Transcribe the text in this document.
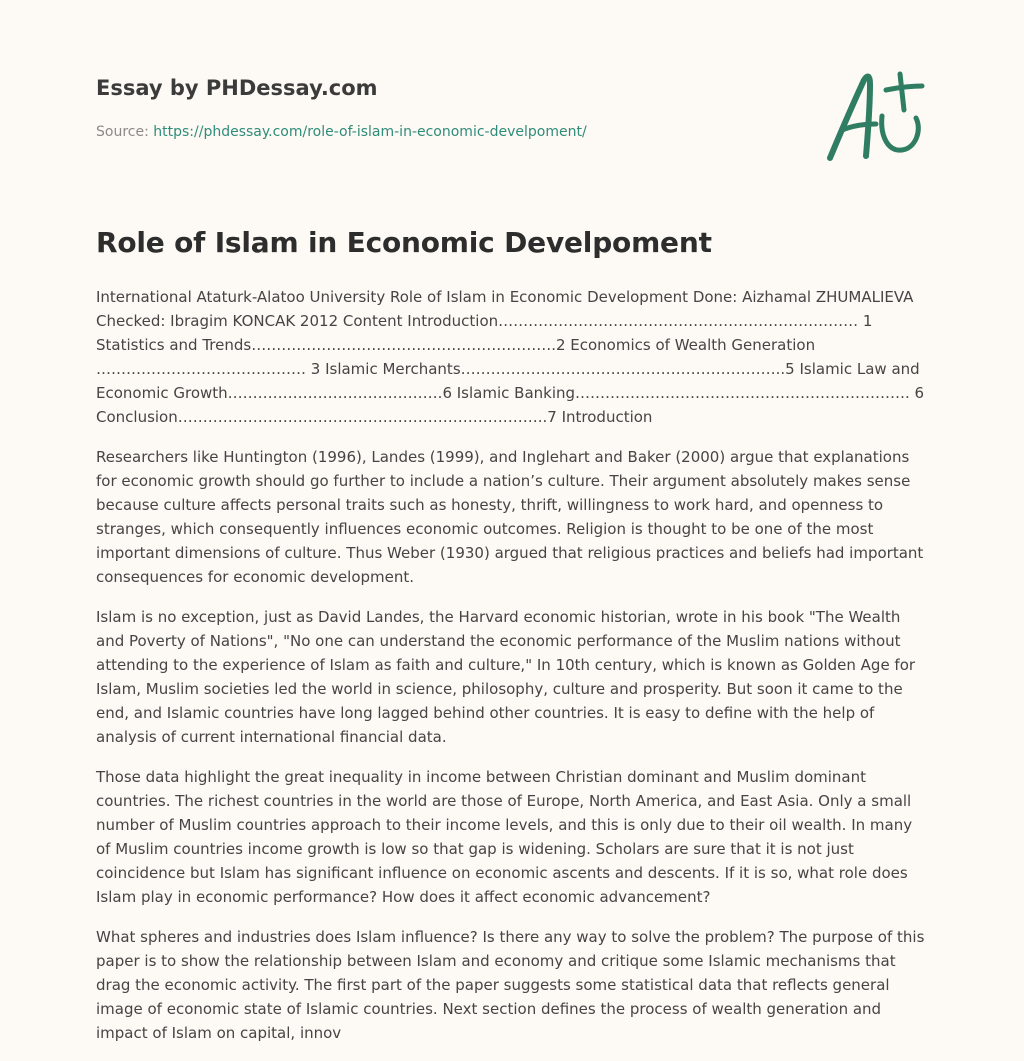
Essay by PHDessay.com

Source: https://phdessay.com/role-of-islam-in-economic-develpoment/

Role of Islam in Economic Develpoment

International Ataturk-Alatoo University Role of Islam in Economic Development Done: Aizhamal ZHUMALIEVA Checked: Ibragim KONCAK 2012 Content Introduction……………………………………………………………… 1 Statistics and Trends…………………………………………………….2 Economics of Wealth Generation …………………………………… 3 Islamic Merchants………………………………………………………..5 Islamic Law and Economic Growth…………………………………….6 Islamic Banking…………………………………………………………. 6 Conclusion………………………………………………………………..7 Introduction

Researchers like Huntington (1996), Landes (1999), and Inglehart and Baker (2000) argue that explanations for economic growth should go further to include a nation’s culture. Their argument absolutely makes sense because culture affects personal traits such as honesty, thrift, willingness to work hard, and openness to stranges, which consequently influences economic outcomes. Religion is thought to be one of the most important dimensions of culture. Thus Weber (1930) argued that religious practices and beliefs had important consequences for economic development.

Islam is no exception, just as David Landes, the Harvard economic historian, wrote in his book "The Wealth and Poverty of Nations", "No one can understand the economic performance of the Muslim nations without attending to the experience of Islam as faith and culture," In 10th century, which is known as Golden Age for Islam, Muslim societies led the world in science, philosophy, culture and prosperity. But soon it came to the end, and Islamic countries have long lagged behind other countries. It is easy to define with the help of analysis of current international financial data.

Those data highlight the great inequality in income between Christian dominant and Muslim dominant countries. The richest countries in the world are those of Europe, North America, and East Asia. Only a small number of Muslim countries approach to their income levels, and this is only due to their oil wealth. In many of Muslim countries income growth is low so that gap is widening. Scholars are sure that it is not just coincidence but Islam has significant influence on economic ascents and descents. If it is so, what role does Islam play in economic performance? How does it affect economic advancement?

What spheres and industries does Islam influence? Is there any way to solve the problem? The purpose of this paper is to show the relationship between Islam and economy and critique some Islamic mechanisms that drag the economic activity. The first part of the paper suggests some statistical data that reflects general image of economic state of Islamic countries. Next section defines the process of wealth generation and impact of Islam on capital, innov
